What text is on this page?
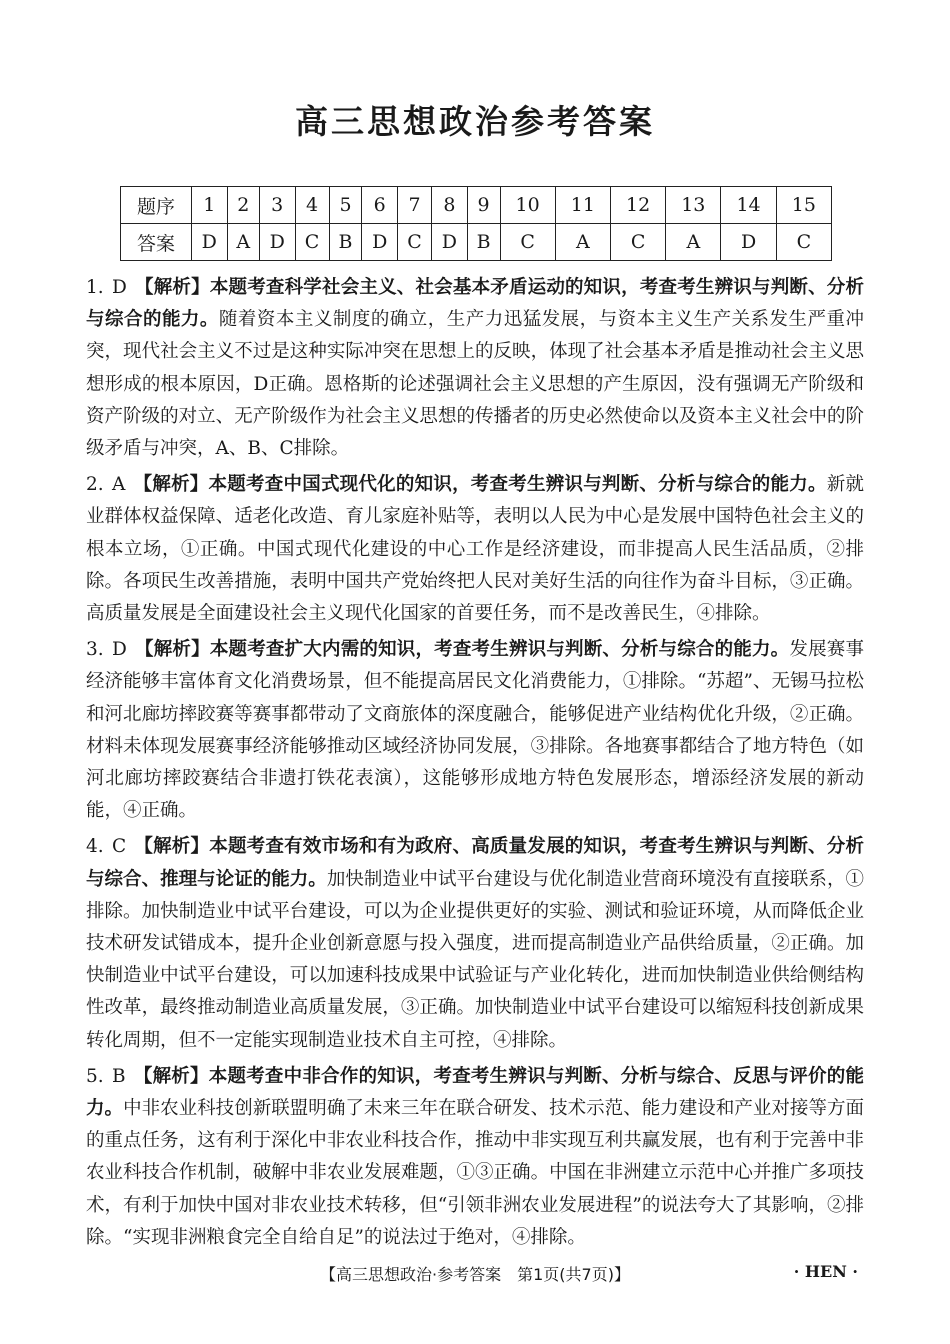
高三思想政治参考答案
题序	1	2	3	4	5	6	7	8	9	10	11	12	13	14	15
答案	D	A	D	C	B	D	C	D	B	C	A	C	A	D	C
1. D 【解析】本题考查科学社会主义、社会基本矛盾运动的知识，考查考生辨识与判断、分析与综合的能力。随着资本主义制度的确立，生产力迅猛发展，与资本主义生产关系发生严重冲突，现代社会主义不过是这种实际冲突在思想上的反映，体现了社会基本矛盾是推动社会主义思想形成的根本原因，D正确。恩格斯的论述强调社会主义思想的产生原因，没有强调无产阶级和资产阶级的对立、无产阶级作为社会主义思想的传播者的历史必然使命以及资本主义社会中的阶级矛盾与冲突，A、B、C排除。
2. A 【解析】本题考查中国式现代化的知识，考查考生辨识与判断、分析与综合的能力。新就业群体权益保障、适老化改造、育儿家庭补贴等，表明以人民为中心是发展中国特色社会主义的根本立场，①正确。中国式现代化建设的中心工作是经济建设，而非提高人民生活品质，②排除。各项民生改善措施，表明中国共产党始终把人民对美好生活的向往作为奋斗目标，③正确。高质量发展是全面建设社会主义现代化国家的首要任务，而不是改善民生，④排除。
3. D 【解析】本题考查扩大内需的知识，考查考生辨识与判断、分析与综合的能力。发展赛事经济能够丰富体育文化消费场景，但不能提高居民文化消费能力，①排除。“苏超”、无锡马拉松和河北廊坊摔跤赛等赛事都带动了文商旅体的深度融合，能够促进产业结构优化升级，②正确。材料未体现发展赛事经济能够推动区域经济协同发展，③排除。各地赛事都结合了地方特色（如河北廊坊摔跤赛结合非遗打铁花表演），这能够形成地方特色发展形态，增添经济发展的新动能，④正确。
4. C 【解析】本题考查有效市场和有为政府、高质量发展的知识，考查考生辨识与判断、分析与综合、推理与论证的能力。加快制造业中试平台建设与优化制造业营商环境没有直接联系，①排除。加快制造业中试平台建设，可以为企业提供更好的实验、测试和验证环境，从而降低企业技术研发试错成本，提升企业创新意愿与投入强度，进而提高制造业产品供给质量，②正确。加快制造业中试平台建设，可以加速科技成果中试验证与产业化转化，进而加快制造业供给侧结构性改革，最终推动制造业高质量发展，③正确。加快制造业中试平台建设可以缩短科技创新成果转化周期，但不一定能实现制造业技术自主可控，④排除。
5. B 【解析】本题考查中非合作的知识，考查考生辨识与判断、分析与综合、反思与评价的能力。中非农业科技创新联盟明确了未来三年在联合研发、技术示范、能力建设和产业对接等方面的重点任务，这有利于深化中非农业科技合作，推动中非实现互利共赢发展，也有利于完善中非农业科技合作机制，破解中非农业发展难题，①③正确。中国在非洲建立示范中心并推广多项技术，有利于加快中国对非农业技术转移，但“引领非洲农业发展进程”的说法夸大了其影响，②排除。“实现非洲粮食完全自给自足”的说法过于绝对，④排除。
【高三思想政治·参考答案　第1页(共7页)】	· HEN ·
